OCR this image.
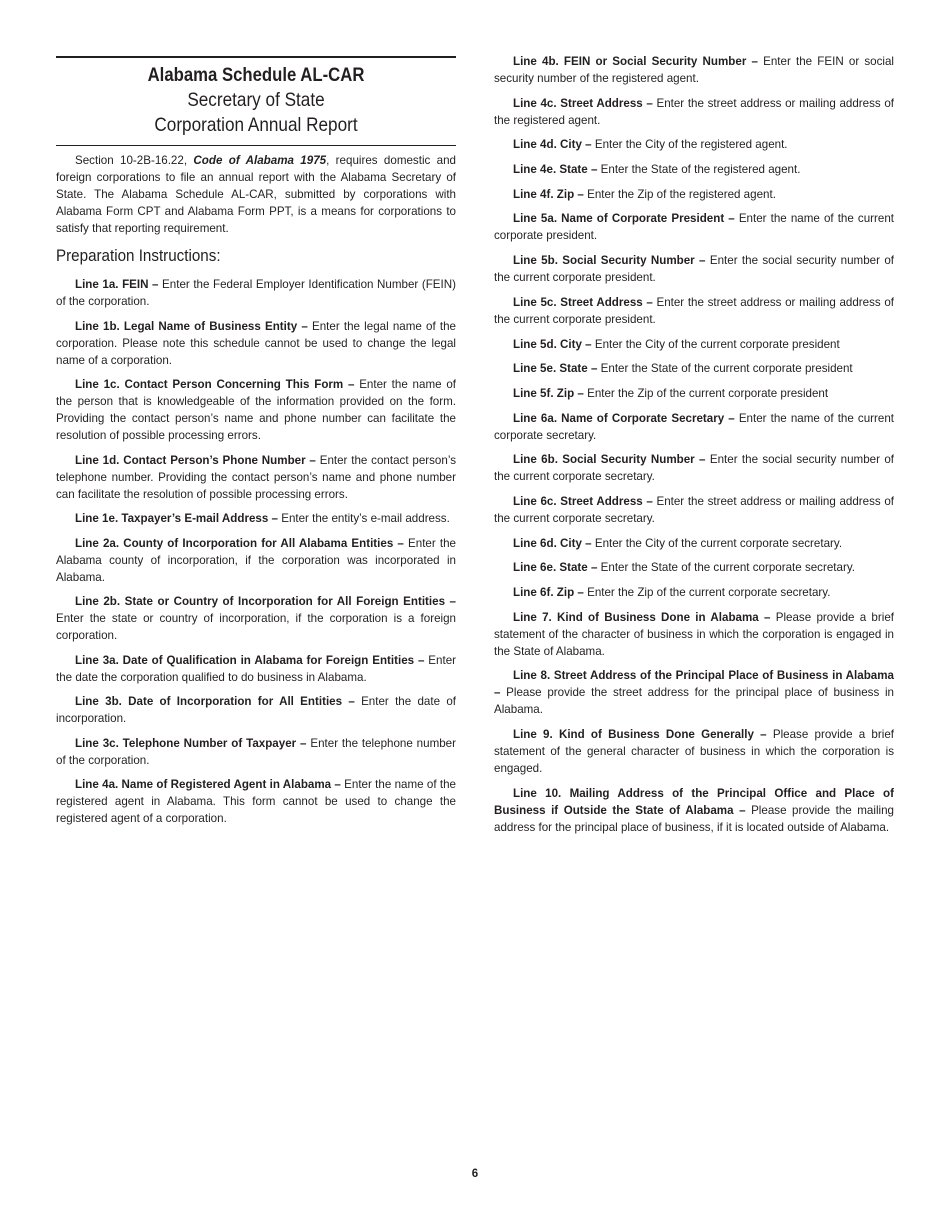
Alabama Schedule AL-CAR
Secretary of State
Corporation Annual Report

Section 10-2B-16.22, Code of Alabama 1975, requires domestic and foreign corporations to file an annual report with the Alabama Secretary of State. The Alabama Schedule AL-CAR, submitted by corporations with Alabama Form CPT and Alabama Form PPT, is a means for corporations to satisfy that reporting requirement.

Preparation Instructions:

Line 1a. FEIN – Enter the Federal Employer Identification Number (FEIN) of the corporation.

Line 1b. Legal Name of Business Entity – Enter the legal name of the corporation. Please note this schedule cannot be used to change the legal name of a corporation.

Line 1c. Contact Person Concerning This Form – Enter the name of the person that is knowledgeable of the information provided on the form. Providing the contact person’s name and phone number can facilitate the resolution of possible processing errors.

Line 1d. Contact Person’s Phone Number – Enter the contact person’s telephone number. Providing the contact person’s name and phone number can facilitate the resolution of possible processing errors.

Line 1e. Taxpayer’s E-mail Address – Enter the entity’s e-mail address.

Line 2a. County of Incorporation for All Alabama Entities – Enter the Alabama county of incorporation, if the corporation was incorporated in Alabama.

Line 2b. State or Country of Incorporation for All Foreign Entities – Enter the state or country of incorporation, if the corporation is a foreign corporation.

Line 3a. Date of Qualification in Alabama for Foreign Entities – Enter the date the corporation qualified to do business in Alabama.

Line 3b. Date of Incorporation for All Entities – Enter the date of incorporation.

Line 3c. Telephone Number of Taxpayer – Enter the telephone number of the corporation.

Line 4a. Name of Registered Agent in Alabama – Enter the name of the registered agent in Alabama. This form cannot be used to change the registered agent of a corporation.

Line 4b. FEIN or Social Security Number – Enter the FEIN or social security number of the registered agent.

Line 4c. Street Address – Enter the street address or mailing address of the registered agent.

Line 4d. City – Enter the City of the registered agent.

Line 4e. State – Enter the State of the registered agent.

Line 4f. Zip – Enter the Zip of the registered agent.

Line 5a. Name of Corporate President – Enter the name of the current corporate president.

Line 5b. Social Security Number – Enter the social security number of the current corporate president.

Line 5c. Street Address – Enter the street address or mailing address of the current corporate president.

Line 5d. City – Enter the City of the current corporate president

Line 5e. State – Enter the State of the current corporate president

Line 5f. Zip – Enter the Zip of the current corporate president

Line 6a. Name of Corporate Secretary – Enter the name of the current corporate secretary.

Line 6b. Social Security Number – Enter the social security number of the current corporate secretary.

Line 6c. Street Address – Enter the street address or mailing address of the current corporate secretary.

Line 6d. City – Enter the City of the current corporate secretary.

Line 6e. State – Enter the State of the current corporate secretary.

Line 6f. Zip – Enter the Zip of the current corporate secretary.

Line 7. Kind of Business Done in Alabama – Please provide a brief statement of the character of business in which the corporation is engaged in the State of Alabama.

Line 8. Street Address of the Principal Place of Business in Alabama – Please provide the street address for the principal place of business in Alabama.

Line 9. Kind of Business Done Generally – Please provide a brief statement of the general character of business in which the corporation is engaged.

Line 10. Mailing Address of the Principal Office and Place of Business if Outside the State of Alabama – Please provide the mailing address for the principal place of business, if it is located outside of Alabama.

6
